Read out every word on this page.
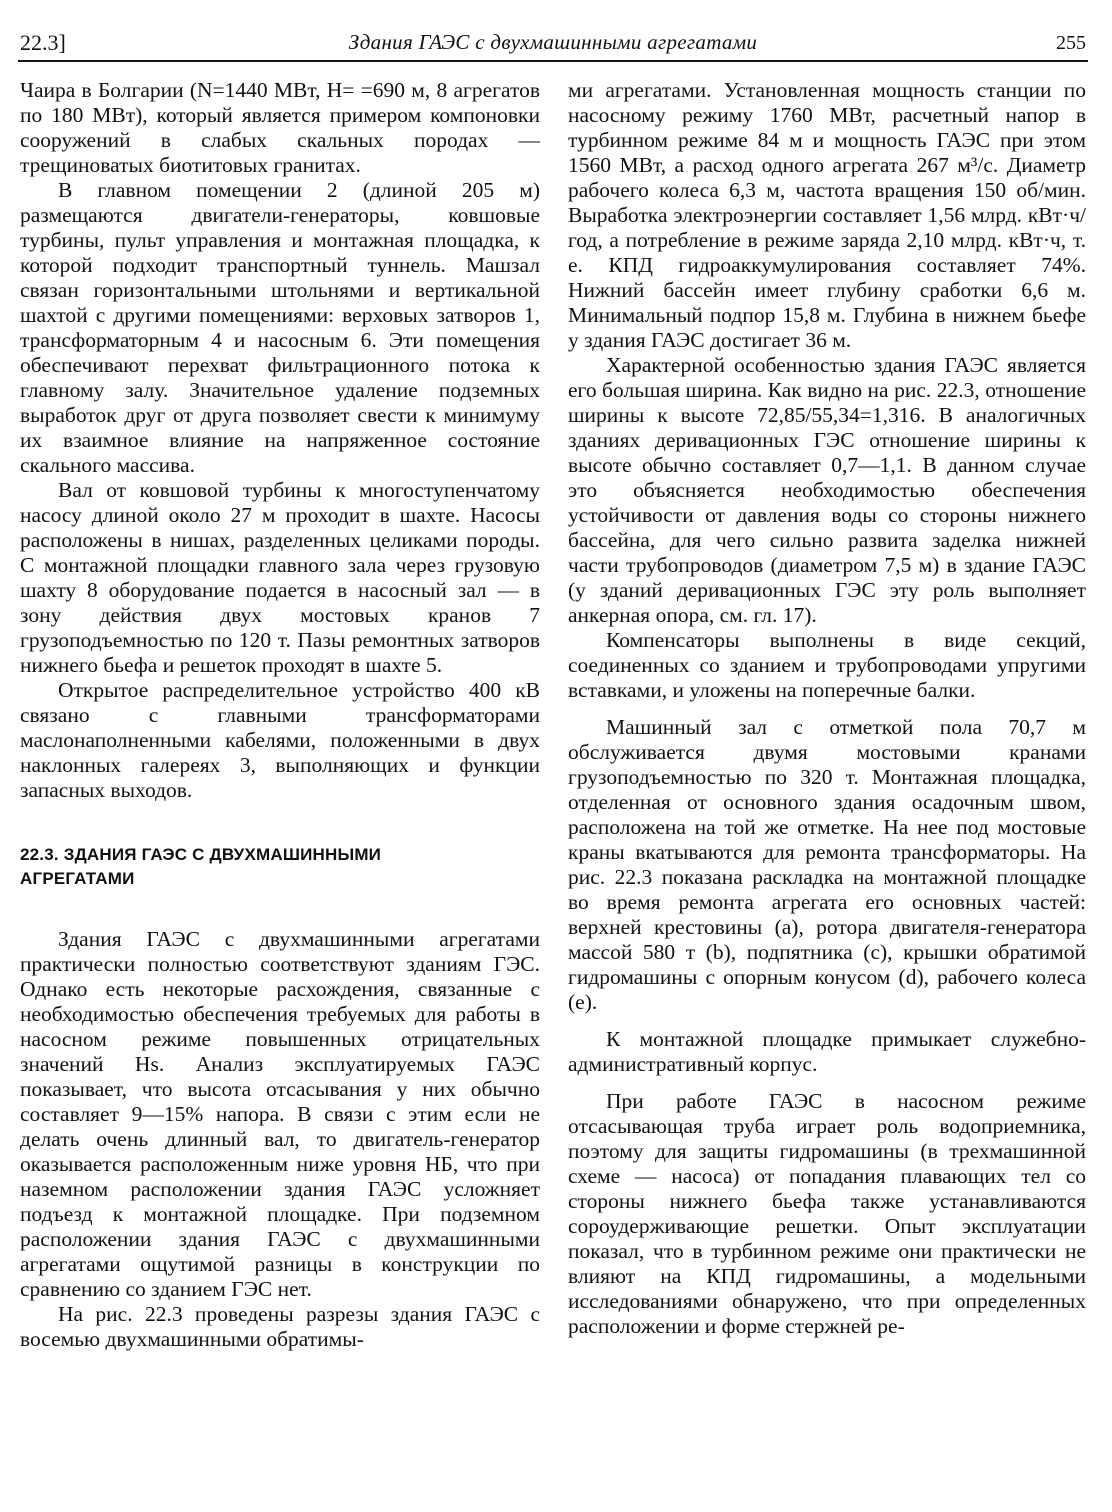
22.3]	Здания ГАЭС с двухмашинными агрегатами	255

Чаира в Болгарии (N=1440 МВт, H= =690 м, 8 агрегатов по 180 МВт), который является примером компоновки сооружений в слабых скальных породах — трещиноватых биотитовых гранитах.

В главном помещении 2 (длиной 205 м) размещаются двигатели-генераторы, ковшовые турбины, пульт управления и монтажная площадка, к которой подходит транспортный туннель. Машзал связан горизонтальными штольнями и вертикальной шахтой с другими помещениями: верховых затворов 1, трансформаторным 4 и насосным 6. Эти помещения обеспечивают перехват фильтрационного потока к главному залу. Значительное удаление подземных выработок друг от друга позволяет свести к минимуму их взаимное влияние на напряженное состояние скального массива.

Вал от ковшовой турбины к многоступенчатому насосу длиной около 27 м проходит в шахте. Насосы расположены в нишах, разделенных целиками породы. С монтажной площадки главного зала через грузовую шахту 8 оборудование подается в насосный зал — в зону действия двух мостовых кранов 7 грузоподъемностью по 120 т. Пазы ремонтных затворов нижнего бьефа и решеток проходят в шахте 5.

Открытое распределительное устройство 400 кВ связано с главными трансформаторами маслонаполненными кабелями, положенными в двух наклонных галереях 3, выполняющих и функции запасных выходов.

22.3. ЗДАНИЯ ГАЭС С ДВУХМАШИННЫМИ
АГРЕГАТАМИ

Здания ГАЭС с двухмашинными агрегатами практически полностью соответствуют зданиям ГЭС. Однако есть некоторые расхождения, связанные с необходимостью обеспечения требуемых для работы в насосном режиме повышенных отрицательных значений Hs. Анализ эксплуатируемых ГАЭС показывает, что высота отсасывания у них обычно составляет 9—15% напора. В связи с этим если не делать очень длинный вал, то двигатель-генератор оказывается расположенным ниже уровня НБ, что при наземном расположении здания ГАЭС усложняет подъезд к монтажной площадке. При подземном расположении здания ГАЭС с двухмашинными агрегатами ощутимой разницы в конструкции по сравнению со зданием ГЭС нет.

На рис. 22.3 проведены разрезы здания ГАЭС с восемью двухмашинными обратимы-

ми агрегатами. Установленная мощность станции по насосному режиму 1760 МВт, расчетный напор в турбинном режиме 84 м и мощность ГАЭС при этом 1560 МВт, а расход одного агрегата 267 м³/с. Диаметр рабочего колеса 6,3 м, частота вращения 150 об/мин. Выработка электроэнергии составляет 1,56 млрд. кВт·ч/год, а потребление в режиме заряда 2,10 млрд. кВт·ч, т. е. КПД гидроаккумулирования составляет 74%. Нижний бассейн имеет глубину сработки 6,6 м. Минимальный подпор 15,8 м. Глубина в нижнем бьефе у здания ГАЭС достигает 36 м.

Характерной особенностью здания ГАЭС является его большая ширина. Как видно на рис. 22.3, отношение ширины к высоте 72,85/55,34=1,316. В аналогичных зданиях деривационных ГЭС отношение ширины к высоте обычно составляет 0,7—1,1. В данном случае это объясняется необходимостью обеспечения устойчивости от давления воды со стороны нижнего бассейна, для чего сильно развита заделка нижней части трубопроводов (диаметром 7,5 м) в здание ГАЭС (у зданий деривационных ГЭС эту роль выполняет анкерная опора, см. гл. 17).

Компенсаторы выполнены в виде секций, соединенных со зданием и трубопроводами упругими вставками, и уложены на поперечные балки.

Машинный зал с отметкой пола 70,7 м обслуживается двумя мостовыми кранами грузоподъемностью по 320 т. Монтажная площадка, отделенная от основного здания осадочным швом, расположена на той же отметке. На нее под мостовые краны вкатываются для ремонта трансформаторы. На рис. 22.3 показана раскладка на монтажной площадке во время ремонта агрегата его основных частей: верхней крестовины (a), ротора двигателя-генератора массой 580 т (b), подпятника (c), крышки обратимой гидромашины с опорным конусом (d), рабочего колеса (e).

К монтажной площадке примыкает служебно-административный корпус.

При работе ГАЭС в насосном режиме отсасывающая труба играет роль водоприемника, поэтому для защиты гидромашины (в трехмашинной схеме — насоса) от попадания плавающих тел со стороны нижнего бьефа также устанавливаются сороудерживающие решетки. Опыт эксплуатации показал, что в турбинном режиме они практически не влияют на КПД гидромашины, а модельными исследованиями обнаружено, что при определенных расположении и форме стержней ре-
